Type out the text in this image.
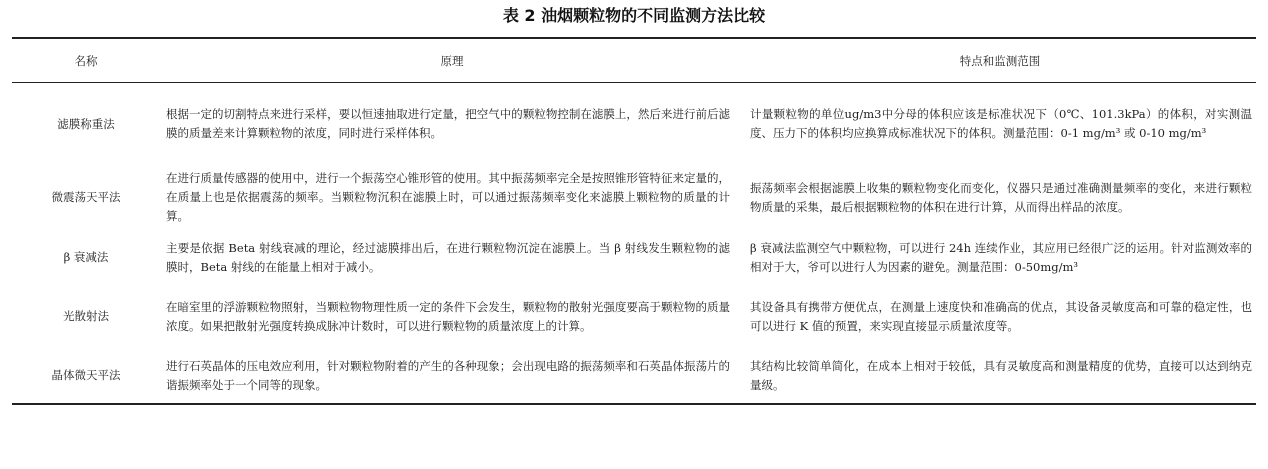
表 2 油烟颗粒物的不同监测方法比较
名称	原理	特点和监测范围
滤膜称重法	根据一定的切割特点来进行采样，要以恒速抽取进行定量，把空气中的颗粒物控制在滤膜上，然后来进行前后滤膜的质量差来计算颗粒物的浓度，同时进行采样体积。	计量颗粒物的单位ug/m3中分母的体积应该是标准状况下（0℃、101.3kPa）的体积，对实测温度、压力下的体积均应换算成标准状况下的体积。测量范围：0-1 mg/m³ 或 0-10 mg/m³
微震荡天平法	在进行质量传感器的使用中，进行一个振荡空心锥形管的使用。其中振荡频率完全是按照锥形管特征来定量的，在质量上也是依据震荡的频率。当颗粒物沉积在滤膜上时，可以通过振荡频率变化来滤膜上颗粒物的质量的计算。	振荡频率会根据滤膜上收集的颗粒物变化而变化，仪器只是通过准确测量频率的变化，来进行颗粒物质量的采集，最后根据颗粒物的体积在进行计算，从而得出样品的浓度。
β 衰减法	主要是依据 Beta 射线衰减的理论，经过滤膜排出后，在进行颗粒物沉淀在滤膜上。当 β 射线发生颗粒物的滤膜时，Beta 射线的在能量上相对于减小。	β 衰减法监测空气中颗粒物，可以进行 24h 连续作业，其应用已经很广泛的运用。针对监测效率的相对于大，爷可以进行人为因素的避免。测量范围：0-50mg/m³
光散射法	在暗室里的浮游颗粒物照射，当颗粒物物理性质一定的条件下会发生，颗粒物的散射光强度要高于颗粒物的质量浓度。如果把散射光强度转换成脉冲计数时，可以进行颗粒物的质量浓度上的计算。	其设备具有携带方便优点，在测量上速度快和准确高的优点，其设备灵敏度高和可靠的稳定性，也可以进行 K 值的预置，来实现直接显示质量浓度等。
晶体微天平法	进行石英晶体的压电效应利用，针对颗粒物附着的产生的各种现象；会出现电路的振荡频率和石英晶体振荡片的谐振频率处于一个同等的现象。	其结构比较简单简化，在成本上相对于较低，具有灵敏度高和测量精度的优势，直接可以达到纳克量级。
